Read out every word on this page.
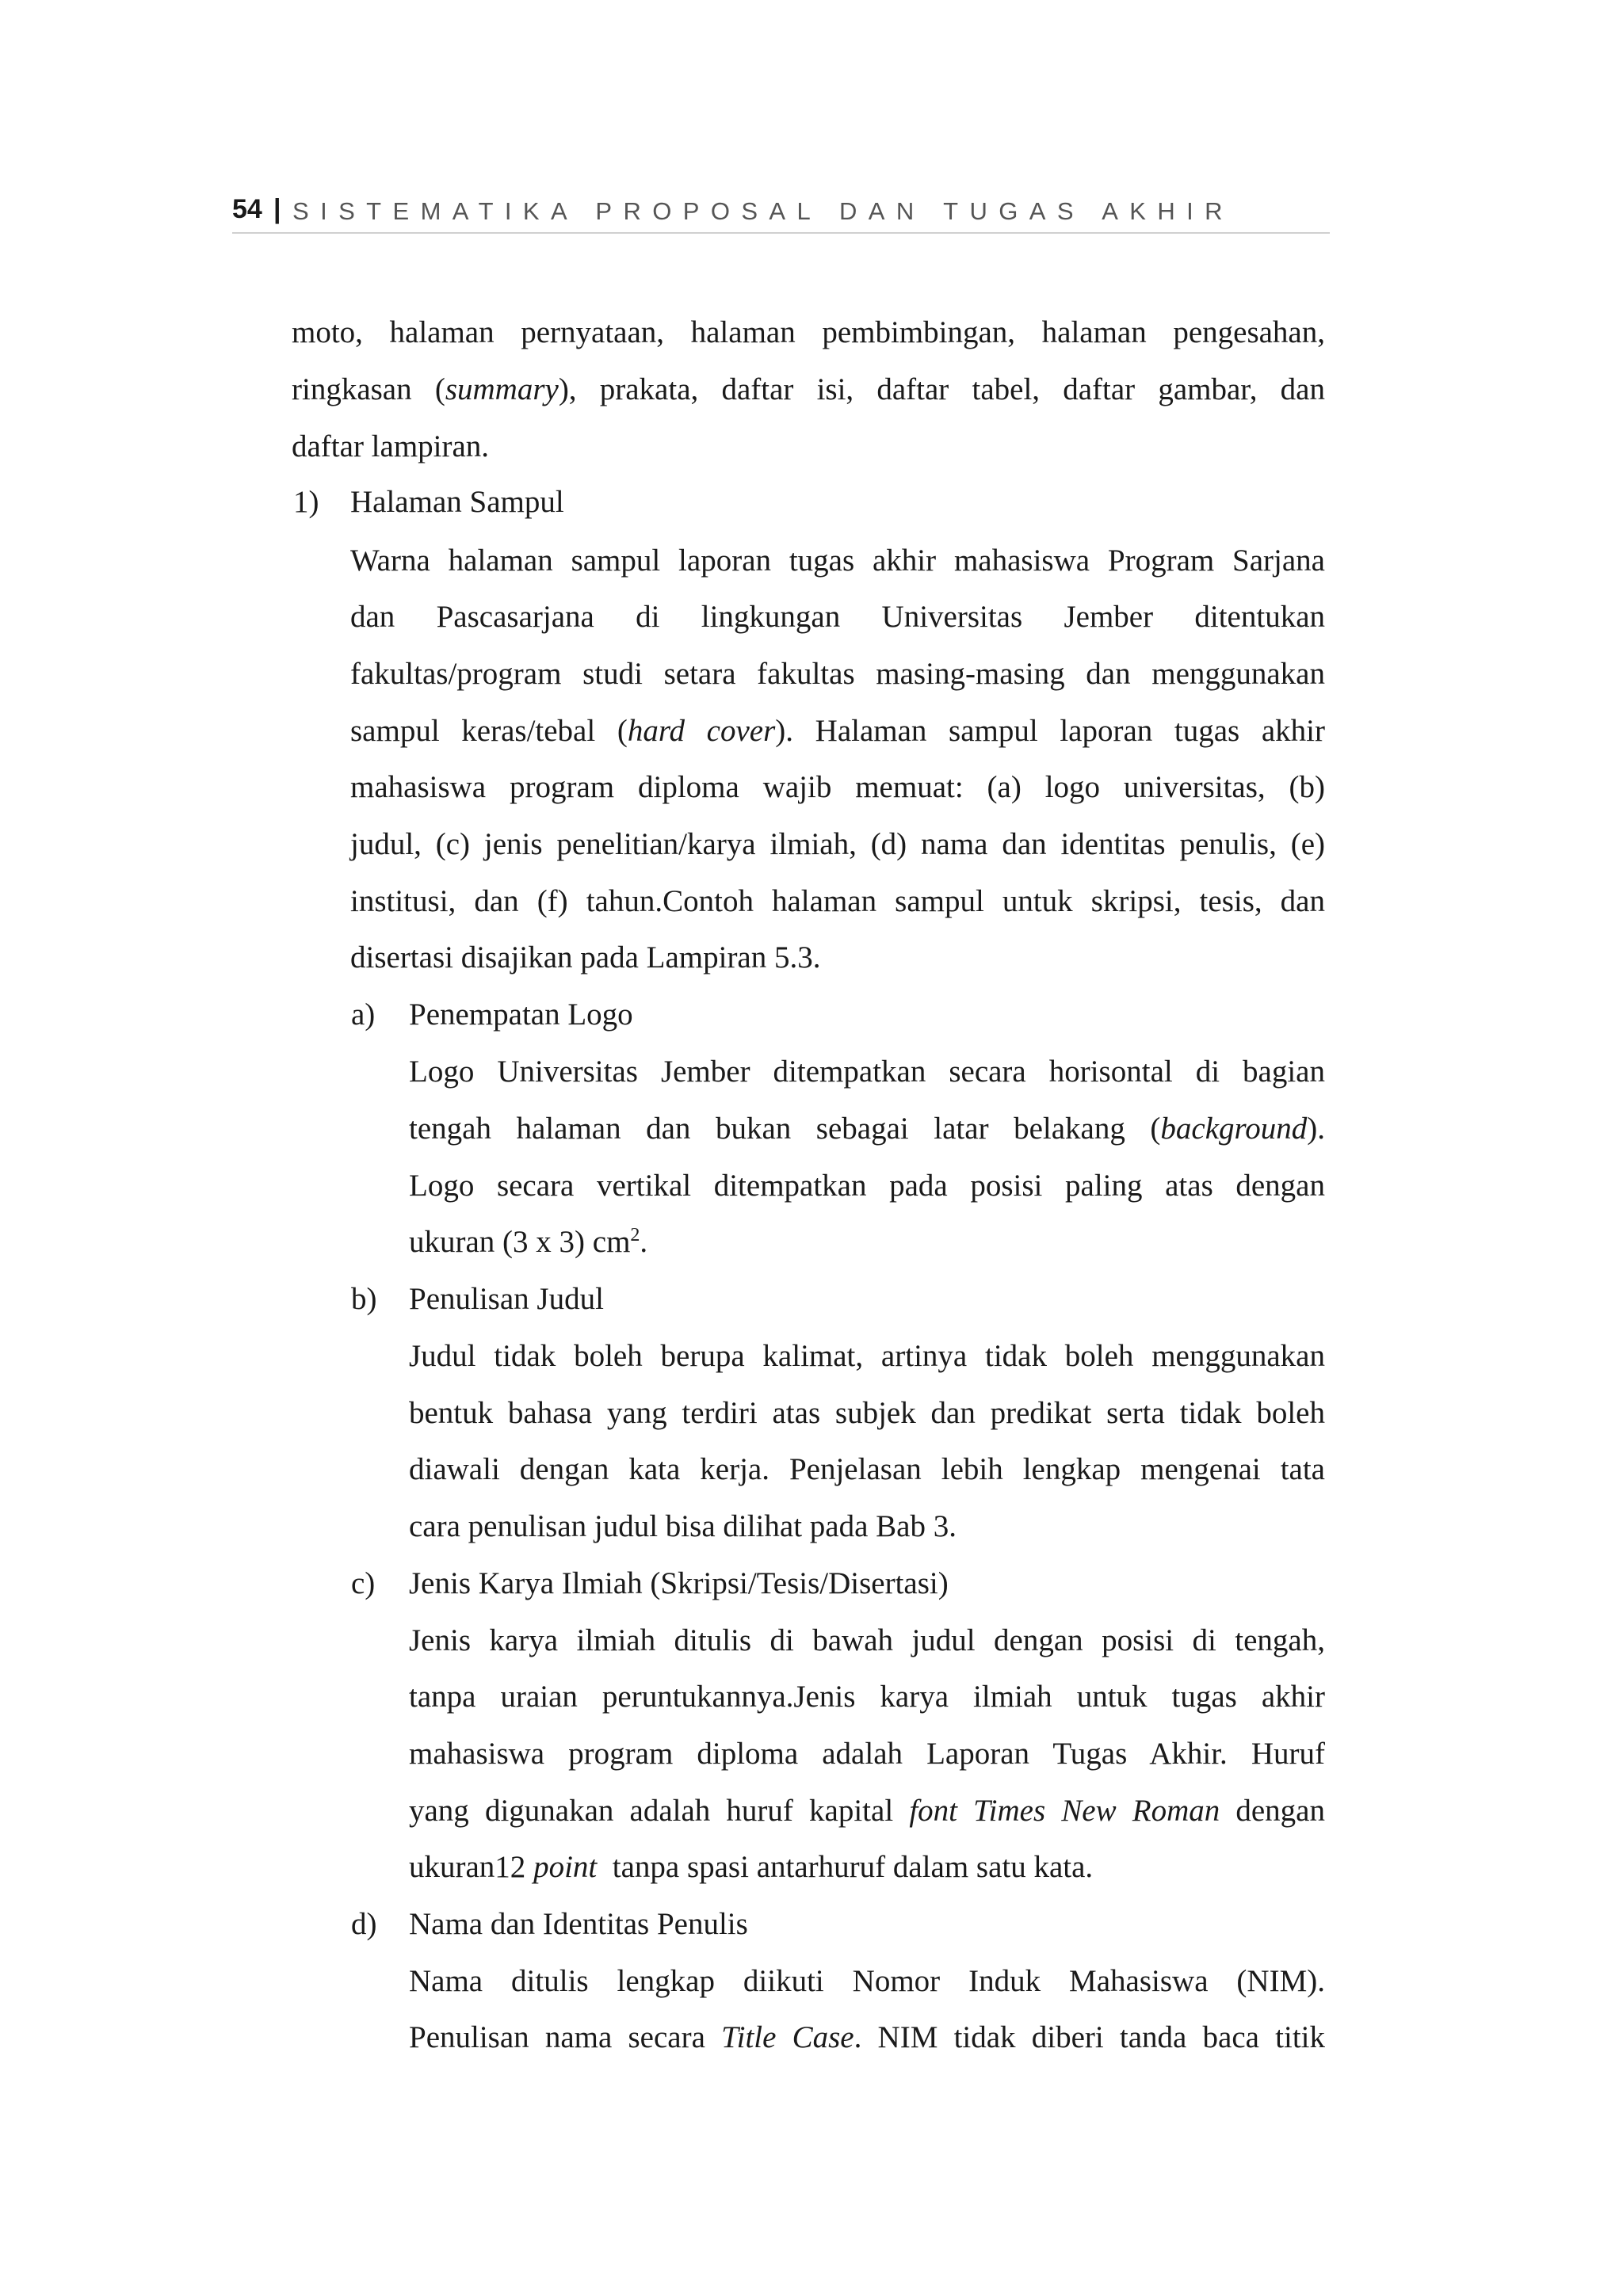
54 | SISTEMATIKA PROPOSAL DAN TUGAS AKHIR
moto, halaman pernyataan, halaman pembimbingan, halaman pengesahan,
ringkasan (summary), prakata, daftar isi, daftar tabel, daftar gambar, dan
daftar lampiran.
1) Halaman Sampul
Warna halaman sampul laporan tugas akhir mahasiswa Program Sarjana
dan Pascasarjana di lingkungan Universitas Jember ditentukan
fakultas/program studi setara fakultas masing-masing dan menggunakan
sampul keras/tebal (hard cover). Halaman sampul laporan tugas akhir
mahasiswa program diploma wajib memuat: (a) logo universitas, (b)
judul, (c) jenis penelitian/karya ilmiah, (d) nama dan identitas penulis, (e)
institusi, dan (f) tahun.Contoh halaman sampul untuk skripsi, tesis, dan
disertasi disajikan pada Lampiran 5.3.
a) Penempatan Logo
Logo Universitas Jember ditempatkan secara horisontal di bagian
tengah halaman dan bukan sebagai latar belakang (background).
Logo secara vertikal ditempatkan pada posisi paling atas dengan
ukuran (3 x 3) $cm^2$.
b) Penulisan Judul
Judul tidak boleh berupa kalimat, artinya tidak boleh menggunakan
bentuk bahasa yang terdiri atas subjek dan predikat serta tidak boleh
diawali dengan kata kerja. Penjelasan lebih lengkap mengenai tata
cara penulisan judul bisa dilihat pada Bab 3.
c) Jenis Karya Ilmiah (Skripsi/Tesis/Disertasi)
Jenis karya ilmiah ditulis di bawah judul dengan posisi di tengah,
tanpa uraian peruntukannya.Jenis karya ilmiah untuk tugas akhir
mahasiswa program diploma adalah Laporan Tugas Akhir. Huruf
yang digunakan adalah huruf kapital font Times New Roman dengan
ukuran12 point  tanpa spasi antarhuruf dalam satu kata.
d) Nama dan Identitas Penulis
Nama ditulis lengkap diikuti Nomor Induk Mahasiswa (NIM).
Penulisan nama secara Title Case. NIM tidak diberi tanda baca titik
